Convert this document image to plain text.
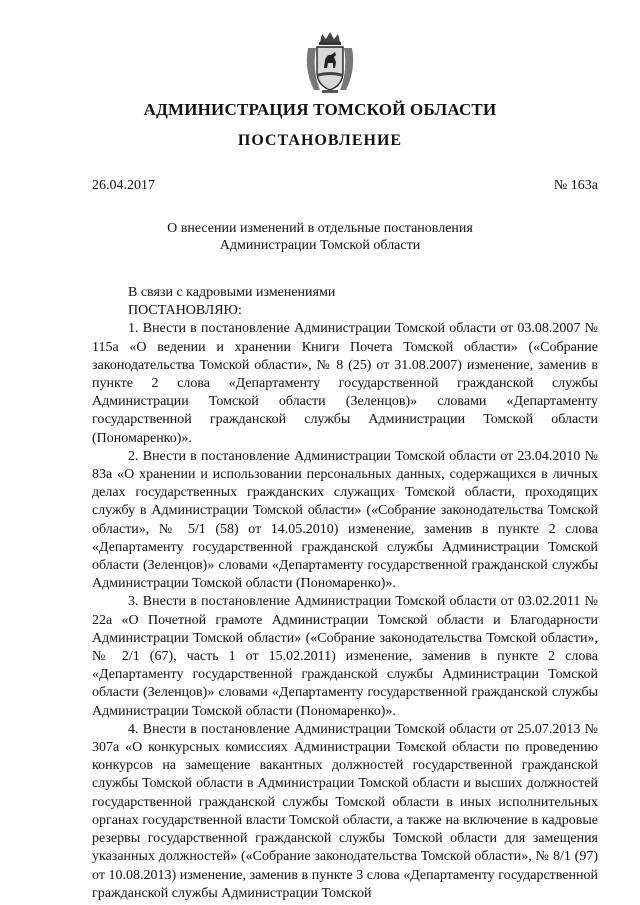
АДМИНИСТРАЦИЯ ТОМСКОЙ ОБЛАСТИ
ПОСТАНОВЛЕНИЕ
26.04.2017	№ 163а
О внесении изменений в отдельные постановления
Администрации Томской области

В связи с кадровыми изменениями

ПОСТАНОВЛЯЮ:

1. Внести в постановление Администрации Томской области от 03.08.2007 № 115а «О ведении и хранении Книги Почета Томской области» («Собрание законодательства Томской области», № 8 (25) от 31.08.2007) изменение, заменив в пункте 2 слова «Департаменту государственной гражданской службы Администрации Томской области (Зеленцов)» словами «Департаменту государственной гражданской службы Администрации Томской области (Пономаренко)».

2. Внести в постановление Администрации Томской области от 23.04.2010 № 83а «О хранении и использовании персональных данных, содержащихся в личных делах государственных гражданских служащих Томской области, проходящих службу в Администрации Томской области» («Собрание законодательства Томской области», № 5/1 (58) от 14.05.2010) изменение, заменив в пункте 2 слова «Департаменту государственной гражданской службы Администрации Томской области (Зеленцов)» словами «Департаменту государственной гражданской службы Администрации Томской области (Пономаренко)».

3. Внести в постановление Администрации Томской области от 03.02.2011 № 22а «О Почетной грамоте Администрации Томской области и Благодарности Администрации Томской области» («Собрание законодательства Томской области», № 2/1 (67), часть 1 от 15.02.2011) изменение, заменив в пункте 2 слова «Департаменту государственной гражданской службы Администрации Томской области (Зеленцов)» словами «Департаменту государственной гражданской службы Администрации Томской области (Пономаренко)».

4. Внести в постановление Администрации Томской области от 25.07.2013 № 307а «О конкурсных комиссиях Администрации Томской области по проведению конкурсов на замещение вакантных должностей государственной гражданской службы Томской области в Администрации Томской области и высших должностей государственной гражданской службы Томской области в иных исполнительных органах государственной власти Томской области, а также на включение в кадровые резервы государственной гражданской службы Томской области для замещения указанных должностей» («Собрание законодательства Томской области», № 8/1 (97) от 10.08.2013) изменение, заменив в пункте 3 слова «Департаменту государственной гражданской службы Администрации Томской
